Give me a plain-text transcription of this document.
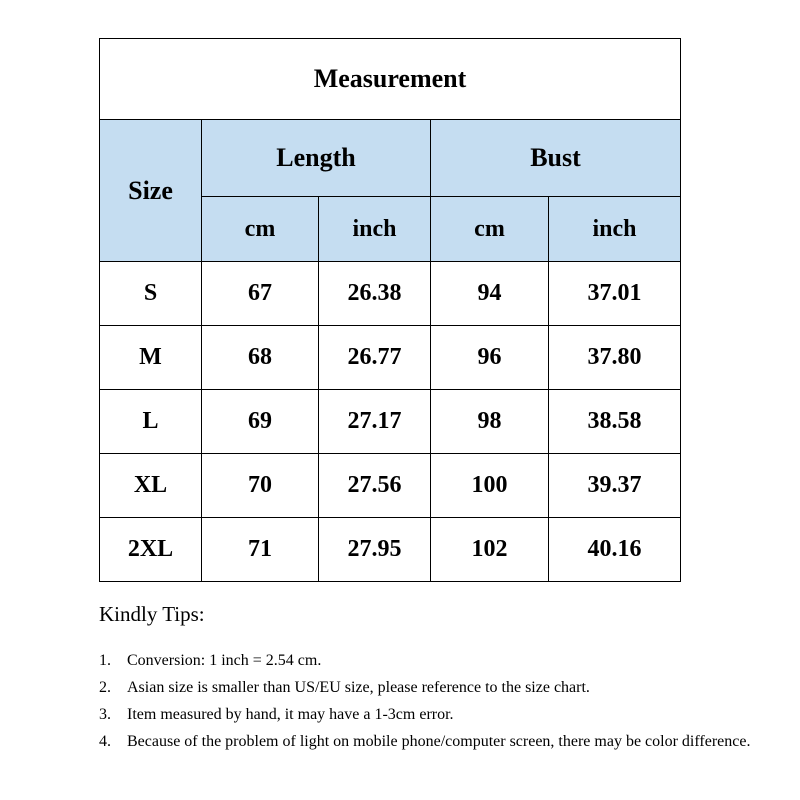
Measurement				
Size	Length		Bust	
	cm	inch	cm	inch
S	67	26.38	94	37.01
M	68	26.77	96	37.80
L	69	27.17	98	38.58
XL	70	27.56	100	39.37
2XL	71	27.95	102	40.16
Kindly Tips:
1. Conversion: 1 inch = 2.54 cm.
2. Asian size is smaller than US/EU size, please reference to the size chart.
3. Item measured by hand, it may have a 1-3cm error.
4. Because of the problem of light on mobile phone/computer screen, there may be color difference.
